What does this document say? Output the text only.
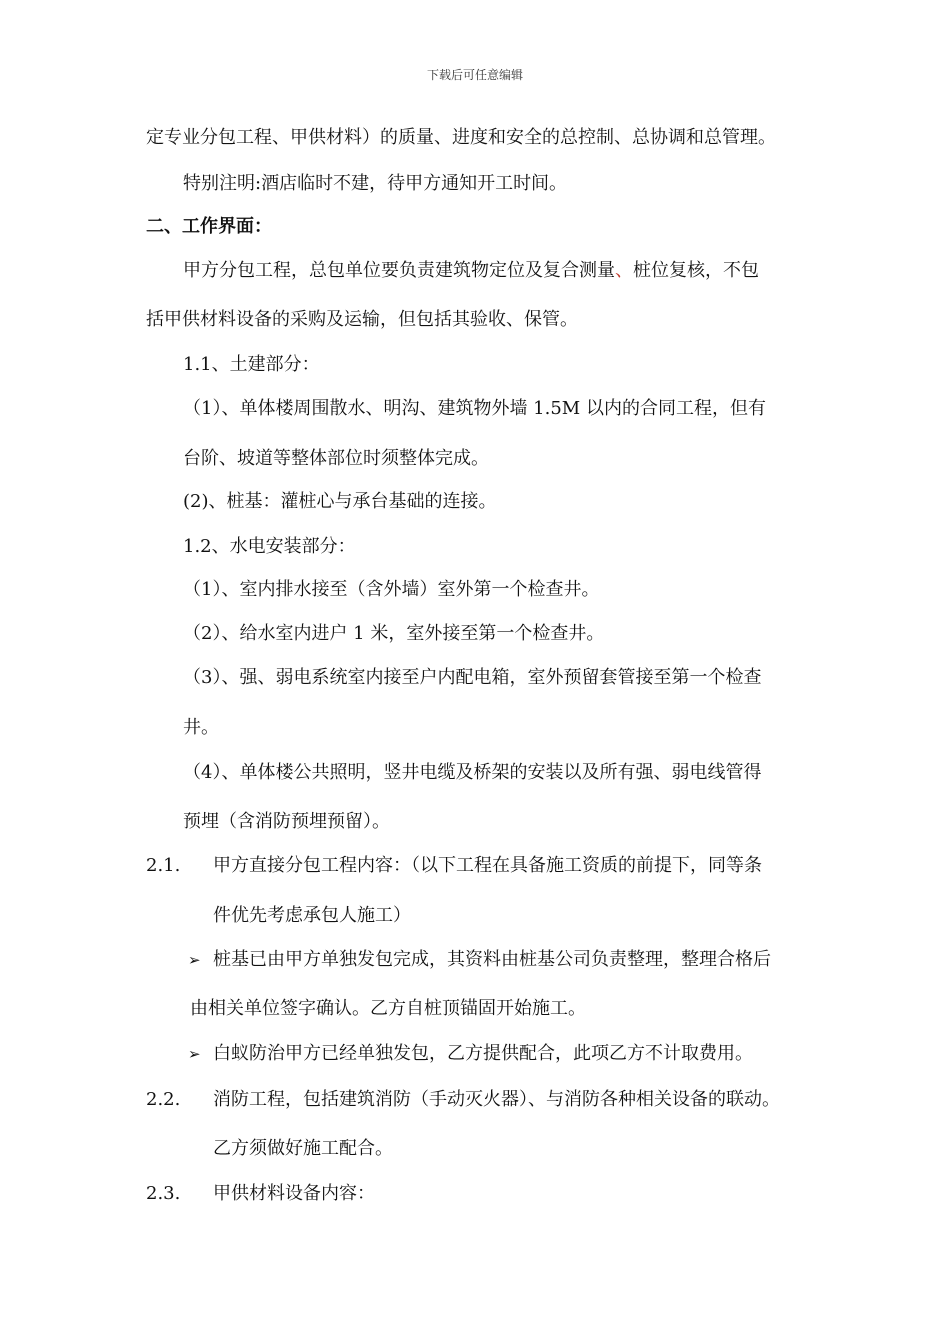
下载后可任意编辑
定专业分包工程、甲供材料）的质量、进度和安全的总控制、总协调和总管理。
特别注明:酒店临时不建，待甲方通知开工时间。
二、工作界面：
甲方分包工程，总包单位要负责建筑物定位及复合测量、桩位复核，不包
括甲供材料设备的采购及运输，但包括其验收、保管。
1.1、土建部分：
（1）、单体楼周围散水、明沟、建筑物外墙 1.5M 以内的合同工程，但有
台阶、坡道等整体部位时须整体完成。
(2)、桩基：灌桩心与承台基础的连接。
1.2、水电安装部分：
（1）、室内排水接至（含外墙）室外第一个检查井。
（2）、给水室内进户 1 米，室外接至第一个检查井。
（3）、强、弱电系统室内接至户内配电箱，室外预留套管接至第一个检查
井。
（4）、单体楼公共照明，竖井电缆及桥架的安装以及所有强、弱电线管得
预埋（含消防预埋预留）。
2.1. 甲方直接分包工程内容：（以下工程在具备施工资质的前提下，同等条
件优先考虑承包人施工）
➢ 桩基已由甲方单独发包完成，其资料由桩基公司负责整理，整理合格后
由相关单位签字确认。乙方自桩顶锚固开始施工。
➢ 白蚁防治甲方已经单独发包，乙方提供配合，此项乙方不计取费用。
2.2. 消防工程，包括建筑消防（手动灭火器）、与消防各种相关设备的联动。
乙方须做好施工配合。
2.3. 甲供材料设备内容：
